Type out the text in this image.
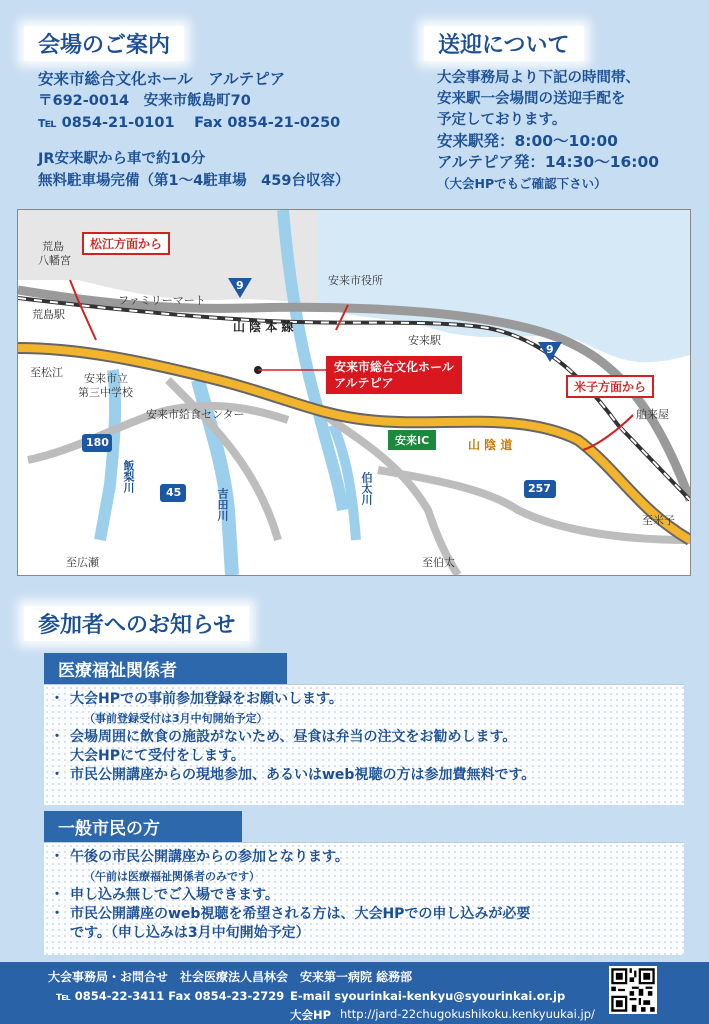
会場のご案内
安来市総合文化ホール　アルテピア
〒692-0014　安来市飯島町70
℡ 0854-21-0101　 Fax 0854-21-0250
JR安来駅から車で約10分
無料駐車場完備（第1～4駐車場　459台収容）
送迎について
大会事務局より下記の時間帯、
安来駅一会場間の送迎手配を
予定しております。
安来駅発：8:00～10:00
アルテピア発：14:30～16:00
（大会HPでもご確認下さい）
9
9
180
45	257
松江方面から
米子方面から
安来市総合文化ホール
アルテピア
安来IC	山 陰 道
山 陰 本 線
荒島
八幡宮
荒島駅
ファミリーマート
安来市役所
安来駅
至松江 安来市立
第三中学校
安来市給食センター	舶来屋
至米子
至広瀬	至伯太
飯梨川
吉田川	伯太川
参加者へのお知らせ
医療福祉関係者
・ 大会HPでの事前参加登録をお願いします。
（事前登録受付は3月中旬開始予定）
・ 会場周囲に飲食の施設がないため、昼食は弁当の注文をお勧めします。
大会HPにて受付をします。
・ 市民公開講座からの現地参加、あるいはweb視聴の方は参加費無料です。
一般市民の方
・ 午後の市民公開講座からの参加となります。
（午前は医療福祉関係者のみです）
・ 申し込み無しでご入場できます。
・ 市民公開講座のweb視聴を希望される方は、大会HPでの申し込みが必要
です。（申し込みは3月中旬開始予定）
大会事務局・お問合せ　社会医療法人昌林会　安来第一病院 総務部
℡ 0854-22-3411 Fax 0854-23-2729 E-mail syourinkai-kenkyu@syourinkai.or.jp
大会HP http://jard-22chugokushikoku.kenkyuukai.jp/
